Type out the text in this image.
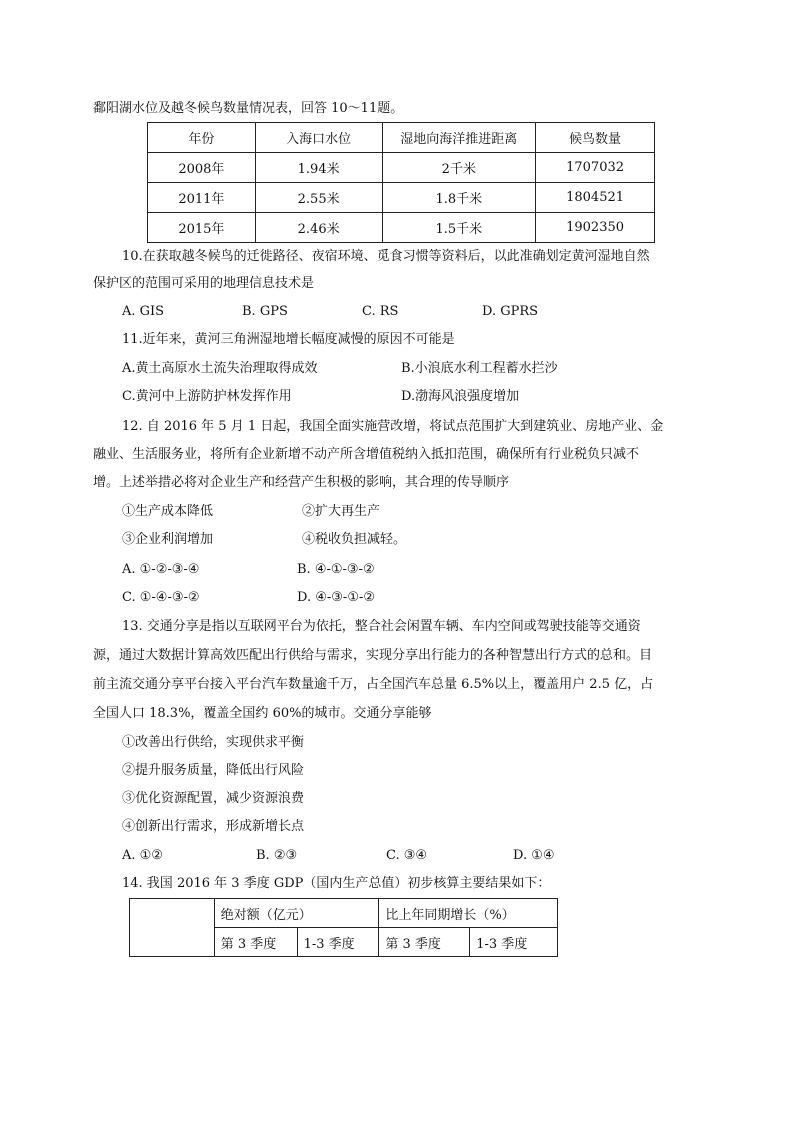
鄱阳湖水位及越冬候鸟数量情况表，回答 10～11题。
年份	入海口水位	湿地向海洋推进距离	候鸟数量
2008年	1.94米	2千米	1707032
2011年	2.55米	1.8千米	1804521
2015年	2.46米	1.5千米	1902350
10.在获取越冬候鸟的迁徙路径、夜宿环境、觅食习惯等资料后，以此准确划定黄河湿地自然
保护区的范围可采用的地理信息技术是
A. GIS	B. GPS	C. RS	D. GPRS
11.近年来，黄河三角洲湿地增长幅度减慢的原因不可能是
A.黄土高原水土流失治理取得成效	B.小浪底水利工程蓄水拦沙
C.黄河中上游防护林发挥作用	D.渤海风浪强度增加
12. 自 2016 年 5 月 1 日起，我国全面实施营改增，将试点范围扩大到建筑业、房地产业、金
融业、生活服务业，将所有企业新增不动产所含增值税纳入抵扣范围，确保所有行业税负只减不
增。上述举措必将对企业生产和经营产生积极的影响，其合理的传导顺序
①生产成本降低	②扩大再生产
③企业利润增加	④税收负担减轻。
A. ①-②-③-④	B. ④-①-③-②
C. ①-④-③-②	D. ④-③-①-②
13. 交通分享是指以互联网平台为依托，整合社会闲置车辆、车内空间或驾驶技能等交通资
源，通过大数据计算高效匹配出行供给与需求，实现分享出行能力的各种智慧出行方式的总和。目
前主流交通分享平台接入平台汽车数量逾千万，占全国汽车总量 6.5%以上，覆盖用户 2.5 亿，占
全国人口 18.3%，覆盖全国约 60%的城市。交通分享能够
①改善出行供给，实现供求平衡
②提升服务质量，降低出行风险
③优化资源配置，减少资源浪费
④创新出行需求，形成新增长点
A. ①②	B. ②③	C. ③④	D. ①④
14. 我国 2016 年 3 季度 GDP（国内生产总值）初步核算主要结果如下：
	绝对额（亿元）		比上年同期增长（%）	
	第 3 季度	1-3 季度	第 3 季度	1-3 季度
